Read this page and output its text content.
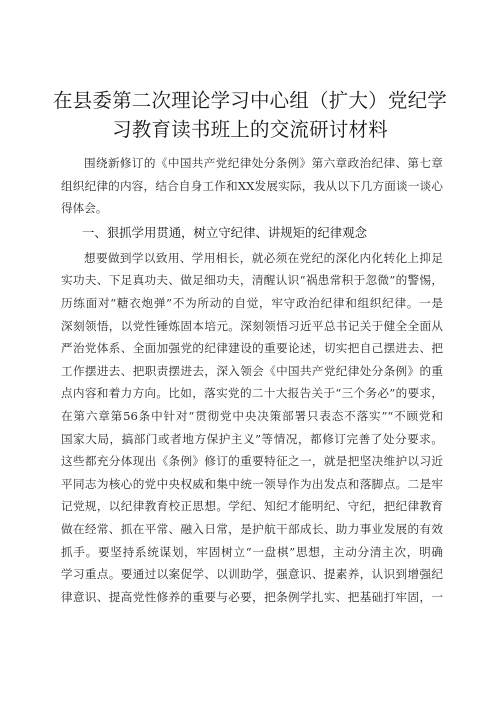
在县委第二次理论学习中心组（扩大）党纪学
习教育读书班上的交流研讨材料
围绕新修订的《中国共产党纪律处分条例》第六章政治纪律、第七章
组织纪律的内容，结合自身工作和XX发展实际，我从以下几方面谈一谈心
得体会。
一、狠抓学用贯通，树立守纪律、讲规矩的纪律观念
想要做到学以致用、学用相长，就必须在党纪的深化内化转化上抑足
实功夫、下足真功夫、做足细功夫，清醒认识“祸患常积于忽微”的警惕，
历练面对“糖衣炮弹”不为所动的自觉，牢守政治纪律和组织纪律。一是
深刻领悟，以党性锤炼固本培元。深刻领悟习近平总书记关于健全全面从
严治党体系、全面加强党的纪律建设的重要论述，切实把自己摆进去、把
工作摆进去、把职责摆进去，深入领会《中国共产党纪律处分条例》的重
点内容和着力方向。比如，落实党的二十大报告关于“三个务必”的要求，
在第六章第56条中针对“贯彻党中央决策部署只表态不落实”“不顾党和
国家大局，搞部门或者地方保护主义”等情况，都修订完善了处分要求。
这些都充分体现出《条例》修订的重要特征之一，就是把坚决维护以习近
平同志为核心的党中央权威和集中统一领导作为出发点和落脚点。二是牢
记党规，以纪律教育校正思想。学纪、知纪才能明纪、守纪，把纪律教育
做在经常、抓在平常、融入日常，是护航干部成长、助力事业发展的有效
抓手。要坚持系统谋划，牢固树立“一盘棋”思想，主动分清主次，明确
学习重点。要通过以案促学、以训助学，强意识、提素养，认识到增强纪
律意识、提高党性修养的重要与必要，把条例学扎实、把基础打牢固，一
